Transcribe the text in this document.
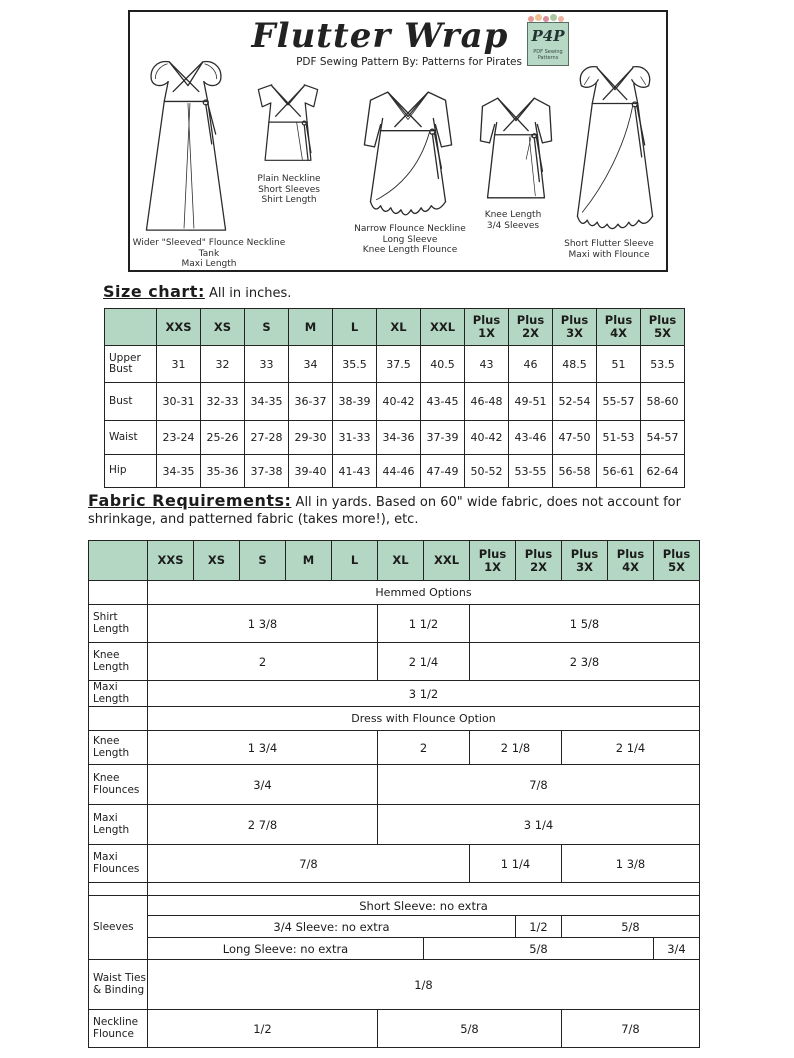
Flutter Wrap
PDF Sewing Pattern By: Patterns for Pirates
P4P
PDF Sewing Patterns
Wider "Sleeved" Flounce Neckline
Tank
Maxi Length
Plain Neckline
Short Sleeves
Shirt Length
Narrow Flounce Neckline
Long Sleeve
Knee Length Flounce
Knee Length
3/4 Sleeves
Short Flutter Sleeve
Maxi with Flounce
Size chart: All in inches.
	XXS	XS	S	M	L	XL	XXL	Plus 1X	Plus 2X	Plus 3X	Plus 4X	Plus 5X
Upper Bust	31	32	33	34	35.5	37.5	40.5	43	46	48.5	51	53.5
Bust	30-31	32-33	34-35	36-37	38-39	40-42	43-45	46-48	49-51	52-54	55-57	58-60
Waist	23-24	25-26	27-28	29-30	31-33	34-36	37-39	40-42	43-46	47-50	51-53	54-57
Hip	34-35	35-36	37-38	39-40	41-43	44-46	47-49	50-52	53-55	56-58	56-61	62-64
Fabric Requirements: All in yards. Based on 60" wide fabric, does not account for shrinkage, and patterned fabric (takes more!), etc.
	XXS	XS	S	M	L	XL	XXL	Plus 1X	Plus 2X	Plus 3X	Plus 4X	Plus 5X
	Hemmed Options											
Shirt Length	1 3/8					1 1/2		1 5/8				
Knee Length	2					2 1/4		2 3/8				
Maxi Length	3 1/2											
	Dress with Flounce Option											
Knee Length	1 3/4					2		2 1/8		2 1/4		
Knee Flounces	3/4					7/8						
Maxi Length	2 7/8					3 1/4						
Maxi Flounces	7/8							1 1/4		1 3/8		

Sleeves	Short Sleeve: no extra											
	3/4 Sleeve: no extra								1/2	5/8		
	Long Sleeve: no extra						5/8					3/4
Waist Ties & Binding	1/8											
Neckline Flounce	1/2					5/8				7/8		
